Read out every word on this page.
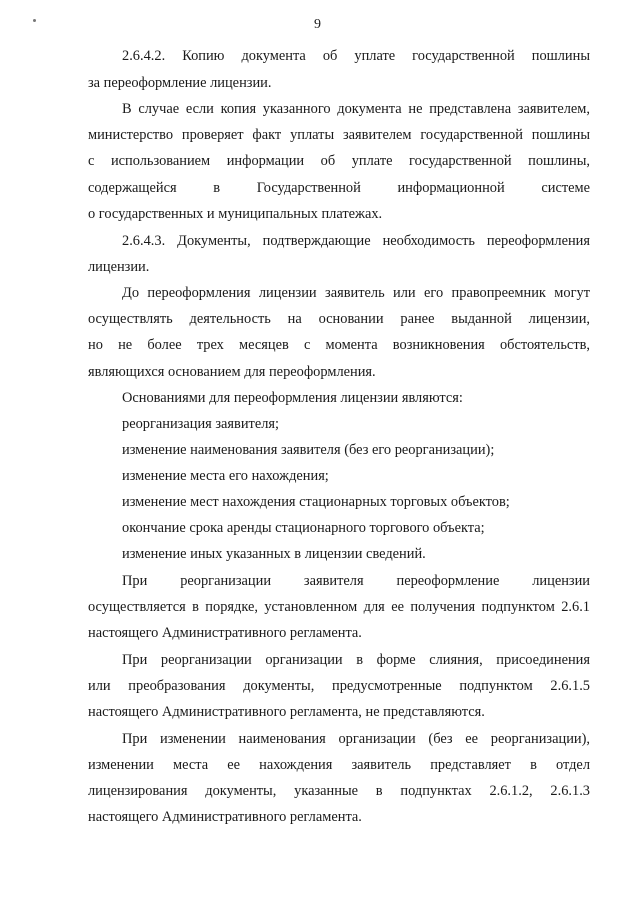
9
2.6.4.2. Копию документа об уплате государственной пошлины
за переоформление лицензии.
В случае если копия указанного документа не представлена заявителем,
министерство проверяет факт уплаты заявителем государственной пошлины
с использованием информации об уплате государственной пошлины,
содержащейся в Государственной информационной системе
о государственных и муниципальных платежах.
2.6.4.3. Документы, подтверждающие необходимость переоформления
лицензии.
До переоформления лицензии заявитель или его правопреемник могут
осуществлять деятельность на основании ранее выданной лицензии,
но не более трех месяцев с момента возникновения обстоятельств,
являющихся основанием для переоформления.
Основаниями для переоформления лицензии являются:
реорганизация заявителя;
изменение наименования заявителя (без его реорганизации);
изменение места его нахождения;
изменение мест нахождения стационарных торговых объектов;
окончание срока аренды стационарного торгового объекта;
изменение иных указанных в лицензии сведений.
При реорганизации заявителя переоформление лицензии
осуществляется в порядке, установленном для ее получения подпунктом 2.6.1
настоящего Административного регламента.
При реорганизации организации в форме слияния, присоединения
или преобразования документы, предусмотренные подпунктом 2.6.1.5
настоящего Административного регламента, не представляются.
При изменении наименования организации (без ее реорганизации),
изменении места ее нахождения заявитель представляет в отдел
лицензирования документы, указанные в подпунктах 2.6.1.2, 2.6.1.3
настоящего Административного регламента.
